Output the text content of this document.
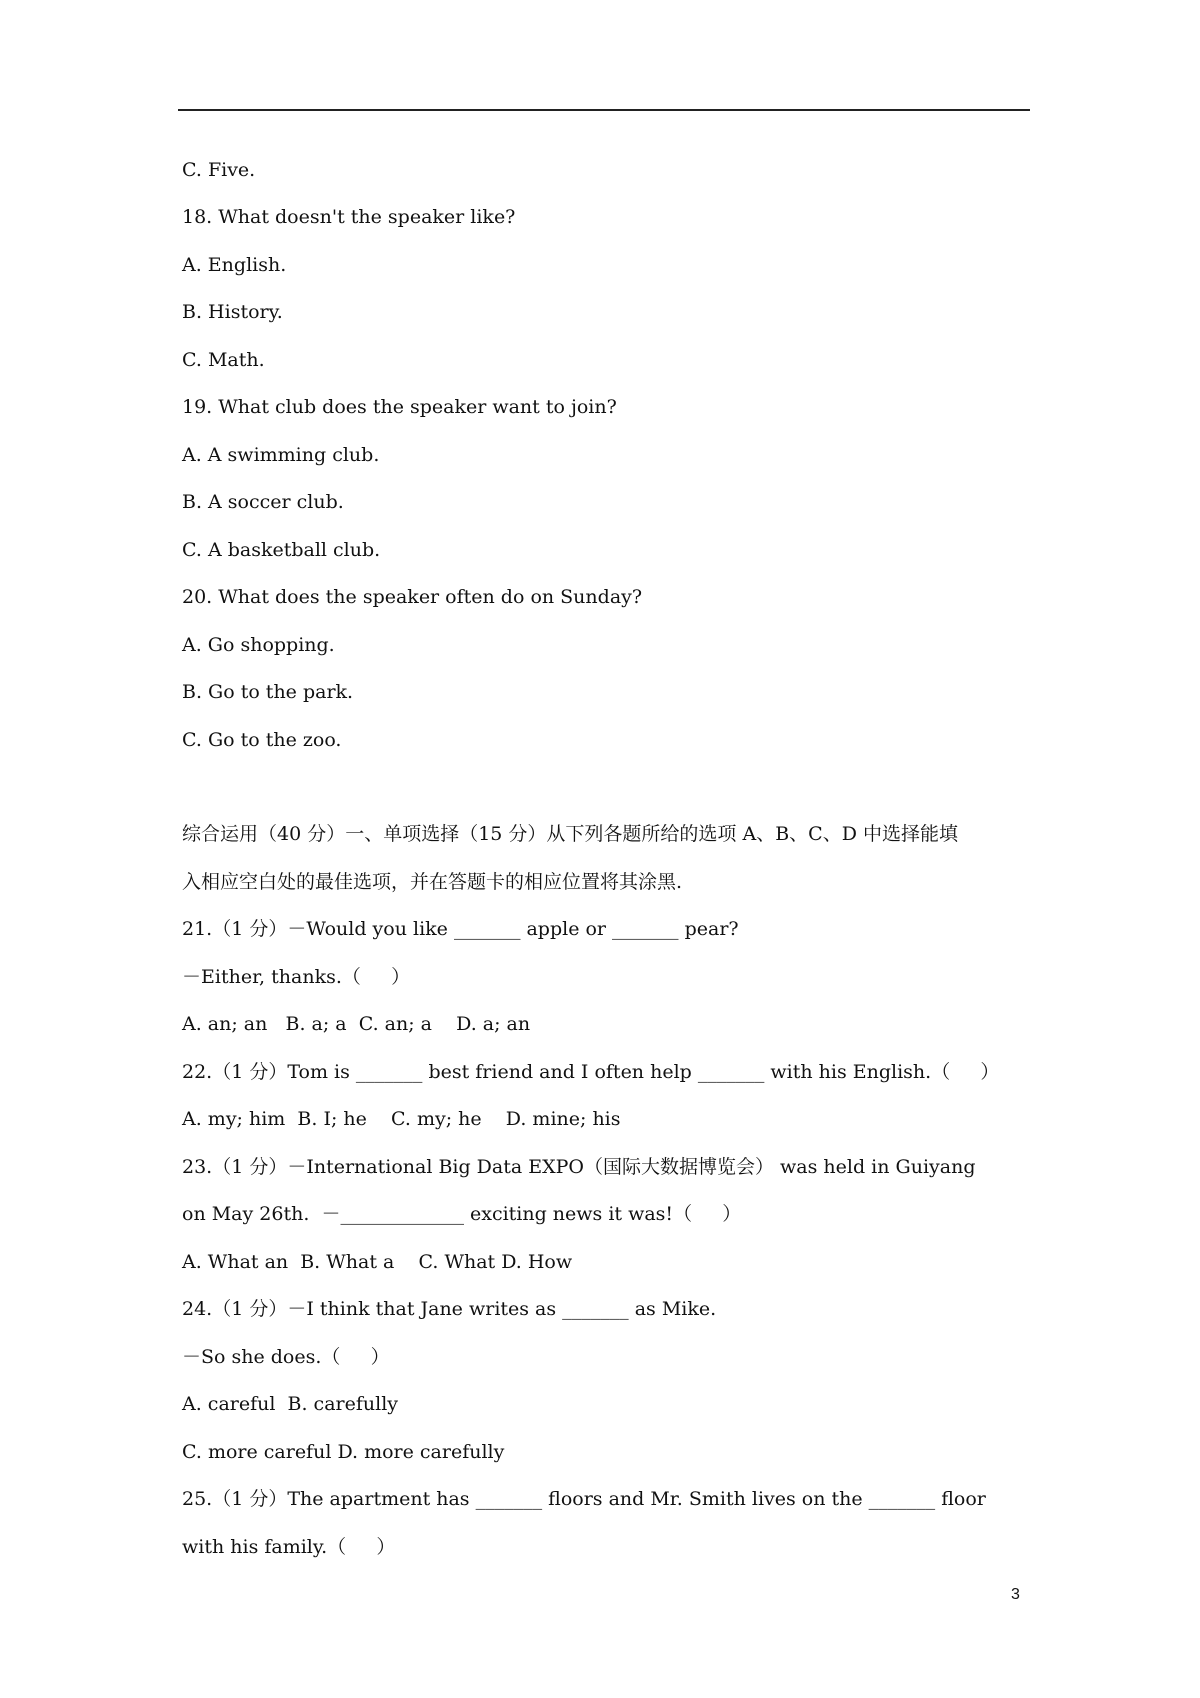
C. Five.
18. What doesn't the speaker like?
A. English.
B. History.
C. Math.
19. What club does the speaker want to join?
A. A swimming club.
B. A soccer club.
C. A basketball club.
20. What does the speaker often do on Sunday?
A. Go shopping.
B. Go to the park.
C. Go to the zoo.
综合运用（40 分）一、单项选择（15 分）从下列各题所给的选项 A、B、C、D 中选择能填
入相应空白处的最佳选项，并在答题卡的相应位置将其涂黑.
21.（1 分）－Would you like _______ apple or _______ pear?
－Either, thanks.（     ）
A. an; an   B. a; a  C. an; a    D. a; an
22.（1 分）Tom is _______ best friend and I often help _______ with his English.（     ）
A. my; him  B. I; he    C. my; he    D. mine; his
23.（1 分）－International Big Data EXPO（国际大数据博览会） was held in Guiyang
on May 26th.  －_____________ exciting news it was!（     ）
A. What an  B. What a    C. What D. How
24.（1 分）－I think that Jane writes as _______ as Mike.
－So she does.（     ）
A. careful  B. carefully
C. more careful D. more carefully
25.（1 分）The apartment has _______ floors and Mr. Smith lives on the _______ floor
with his family.（     ）
3
